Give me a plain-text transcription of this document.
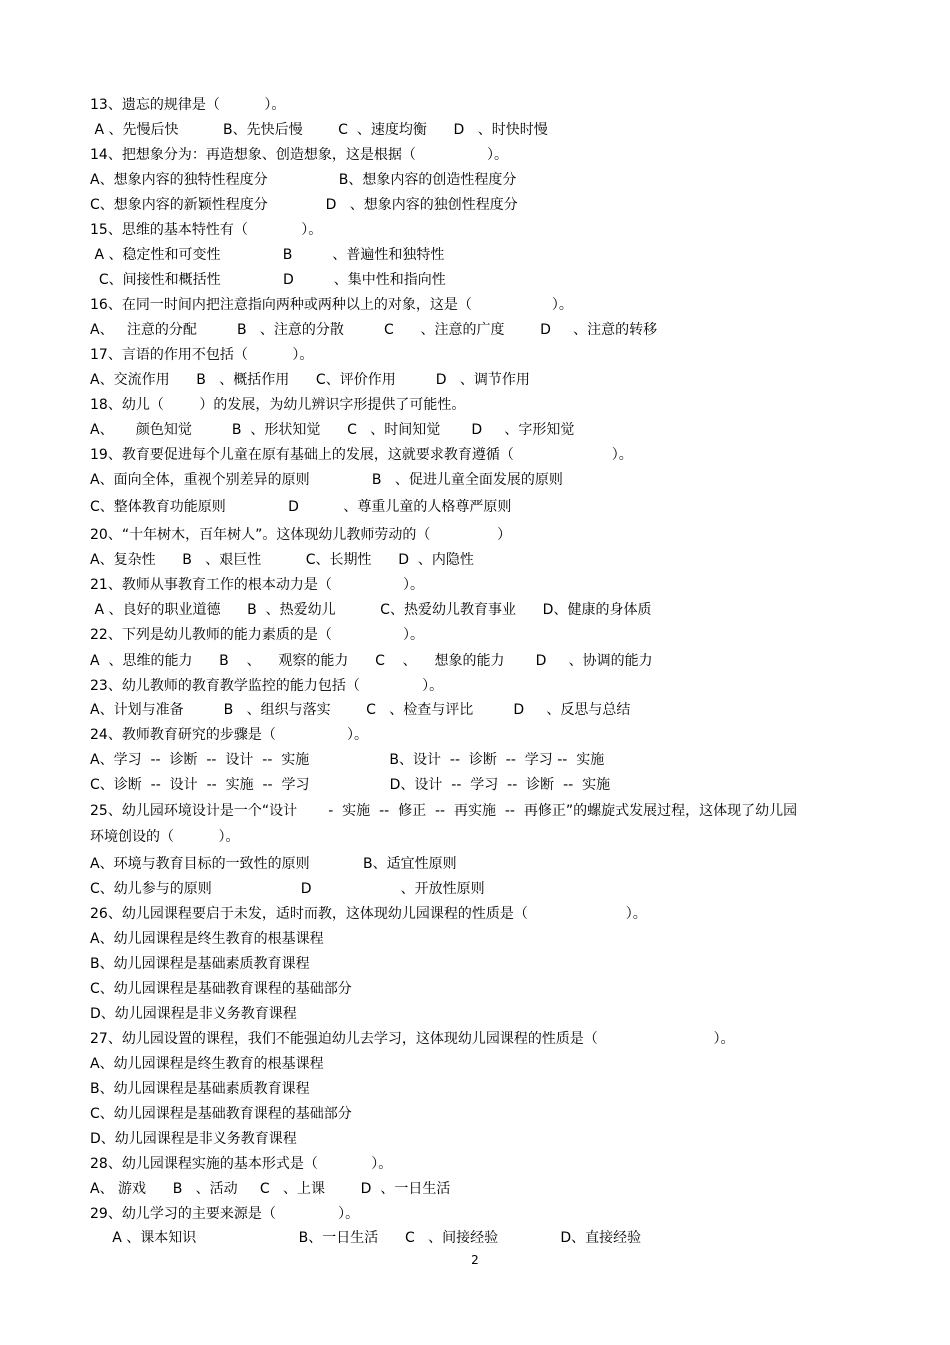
13、遗忘的规律是（          ）。
A 、先慢后快          B、先快后慢        C  、速度均衡      D   、时快时慢
14、把想象分为：再造想象、创造想象，这是根据（                ）。
A、想象内容的独特性程度分                B、想象内容的创造性程度分
C、想象内容的新颖性程度分             D   、想象内容的独创性程度分
15、思维的基本特性有（            ）。
A 、稳定性和可变性              B         、普遍性和独特性
C、间接性和概括性              D         、集中性和指向性
16、在同一时间内把注意指向两种或两种以上的对象，这是（                  ）。
A、   注意的分配         B   、注意的分散         C      、注意的广度        D     、注意的转移
17、言语的作用不包括（          ）。
A、交流作用      B   、概括作用      C、评价作用         D   、调节作用
18、幼儿（        ）的发展，为幼儿辨识字形提供了可能性。
A、     颜色知觉         B  、形状知觉      C   、时间知觉       D     、字形知觉
19、教育要促进每个儿童在原有基础上的发展，这就要求教育遵循（                      ）。
A、面向全体，重视个别差异的原则              B   、促进儿童全面发展的原则
C、整体教育功能原则              D          、尊重儿童的人格尊严原则
20、“十年树木，百年树人”。这体现幼儿教师劳动的（               ）
A、复杂性      B   、艰巨性          C、长期性      D  、内隐性
21、教师从事教育工作的根本动力是（                ）。
A 、良好的职业道德      B  、热爱幼儿          C、热爱幼儿教育事业      D、健康的身体质
22、下列是幼儿教师的能力素质的是（                ）。
A  、思维的能力      B    、    观察的能力      C    、    想象的能力       D     、协调的能力
23、幼儿教师的教育教学监控的能力包括（              ）。
A、计划与准备         B   、组织与落实        C   、检查与评比         D     、反思与总结
24、教师教育研究的步骤是（                ）。
A、学习  --  诊断  --  设计  --  实施                  B、设计  --  诊断  --  学习 --  实施
C、诊断  --  设计  --  实施  --  学习                  D、设计  --  学习  --  诊断  --  实施
25、幼儿园环境设计是一个“设计       -  实施  --  修正  --  再实施  --  再修正”的螺旋式发展过程，这体现了幼儿园
环境创设的（          ）。
A、环境与教育目标的一致性的原则            B、适宜性原则
C、幼儿参与的原则                    D                    、开放性原则
26、幼儿园课程要启于未发，适时而教，这体现幼儿园课程的性质是（                      ）。
A、幼儿园课程是终生教育的根基课程
B、幼儿园课程是基础素质教育课程
C、幼儿园课程是基础教育课程的基础部分
D、幼儿园课程是非义务教育课程
27、幼儿园设置的课程，我们不能强迫幼儿去学习，这体现幼儿园课程的性质是（                          ）。
A、幼儿园课程是终生教育的根基课程
B、幼儿园课程是基础素质教育课程
C、幼儿园课程是基础教育课程的基础部分
D、幼儿园课程是非义务教育课程
28、幼儿园课程实施的基本形式是（            ）。
A、 游戏      B   、活动     C   、上课        D  、一日生活
29、幼儿学习的主要来源是（              ）。
A 、课本知识                       B、一日生活      C   、间接经验              D、直接经验
2
